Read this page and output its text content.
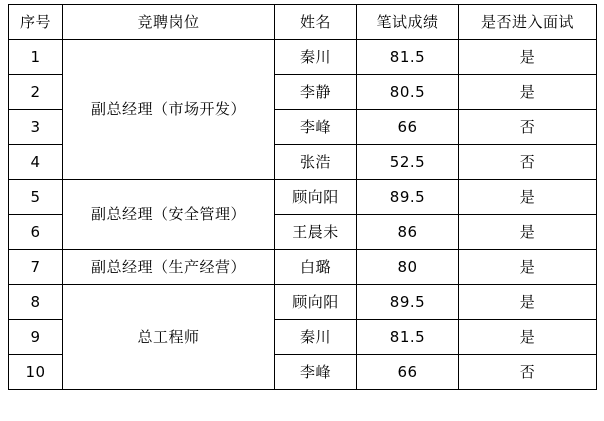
序号	竞聘岗位	姓名	笔试成绩	是否进入面试
1	副总经理（市场开发）	秦川	81.5	是
2		李静	80.5	是
3		李峰	66	否
4		张浩	52.5	否
5	副总经理（安全管理）	顾向阳	89.5	是
6		王晨未	86	是
7	副总经理（生产经营）	白璐	80	是
8	总工程师	顾向阳	89.5	是
9		秦川	81.5	是
10		李峰	66	否
